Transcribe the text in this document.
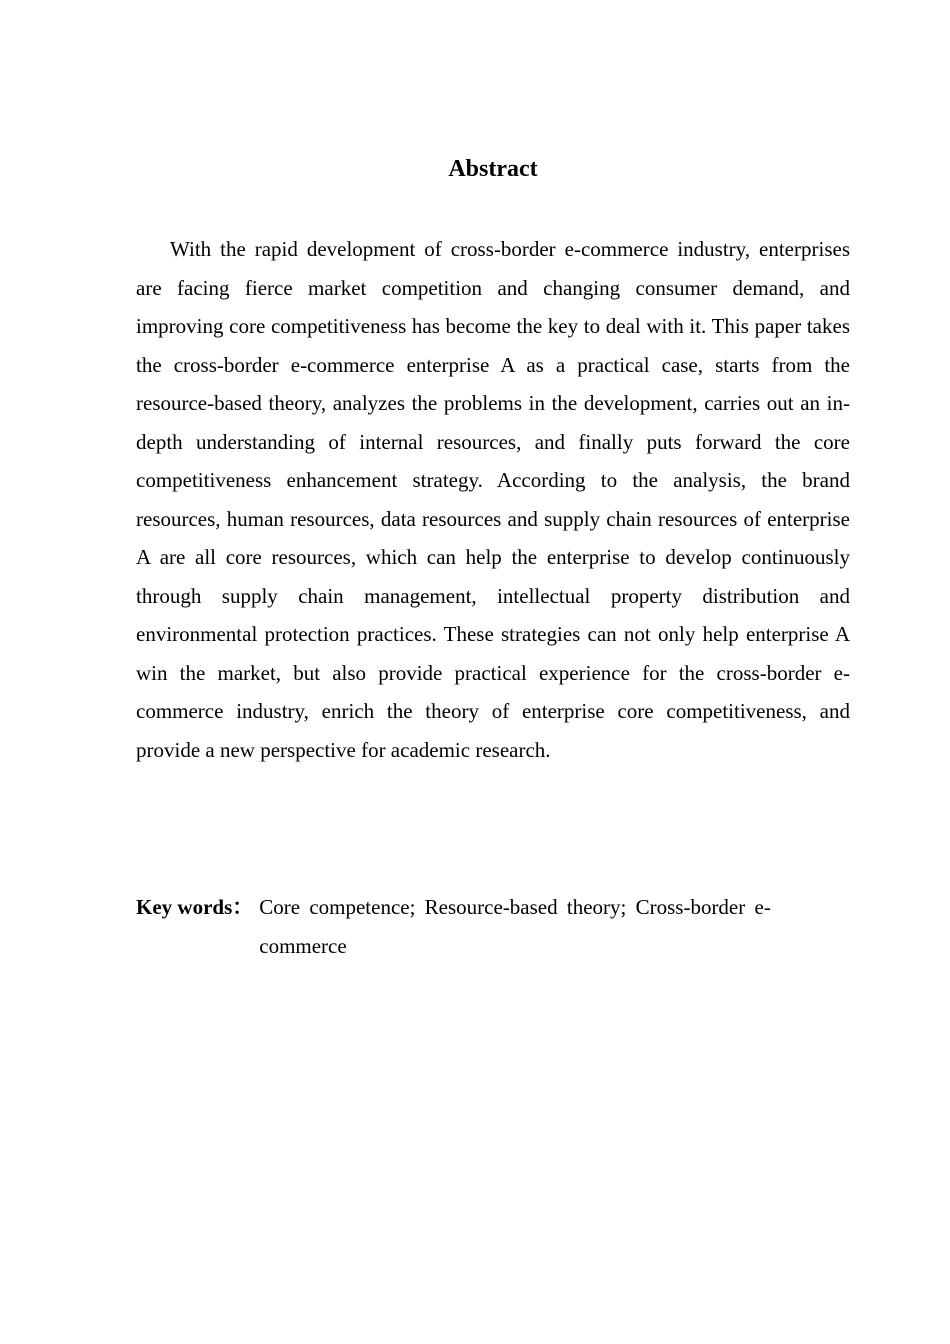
Abstract

With the rapid development of cross-border e-commerce industry, enterprises are facing fierce market competition and changing consumer demand, and improving core competitiveness has become the key to deal with it. This paper takes the cross-border e-commerce enterprise A as a practical case, starts from the resource-based theory, analyzes the problems in the development, carries out an in-depth understanding of internal resources, and finally puts forward the core competitiveness enhancement strategy. According to the analysis, the brand resources, human resources, data resources and supply chain resources of enterprise A are all core resources, which can help the enterprise to develop continuously through supply chain management, intellectual property distribution and environmental protection practices. These strategies can not only help enterprise A win the market, but also provide practical experience for the cross-border e-commerce industry, enrich the theory of enterprise core competitiveness, and provide a new perspective for academic research.

Key words ： Core competence; Resource-based theory; Cross-border e-commerce
